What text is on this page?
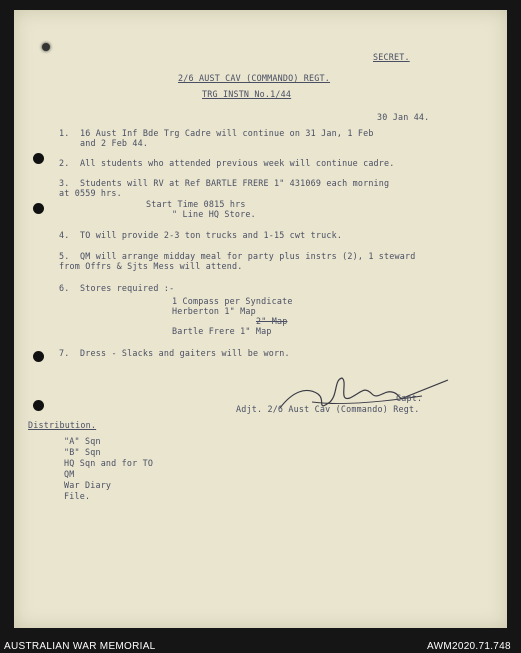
SECRET.

2/6 AUST CAV (COMMANDO) REGT.

TRG INSTN No.1/44

30 Jan 44.

1. 16 Aust Inf Bde Trg Cadre will continue on 31 Jan, 1 Feb

and 2 Feb 44.

2. All students who attended previous week will continue cadre.

3. Students will RV at Ref BARTLE FRERE 1" 431069 each morning

at 0559 hrs.

Start Time 0815 hrs

" Line HQ Store.

4. TO will provide 2-3 ton trucks and 1-15 cwt truck.

5. QM will arrange midday meal for party plus instrs (2), 1 steward

from Offrs & Sjts Mess will attend.

6. Stores required :-

1 Compass per Syndicate

Herberton 1" Map

2" Map

Bartle Frere 1" Map

7. Dress - Slacks and gaiters will be worn.

Capt.

Adjt. 2/6 Aust Cav (Commando) Regt.

Distribution.

"A" Sqn

"B" Sqn

HQ Sqn and for TO

QM

War Diary

File.

AUSTRALIAN WAR MEMORIAL	AWM2020.71.748
